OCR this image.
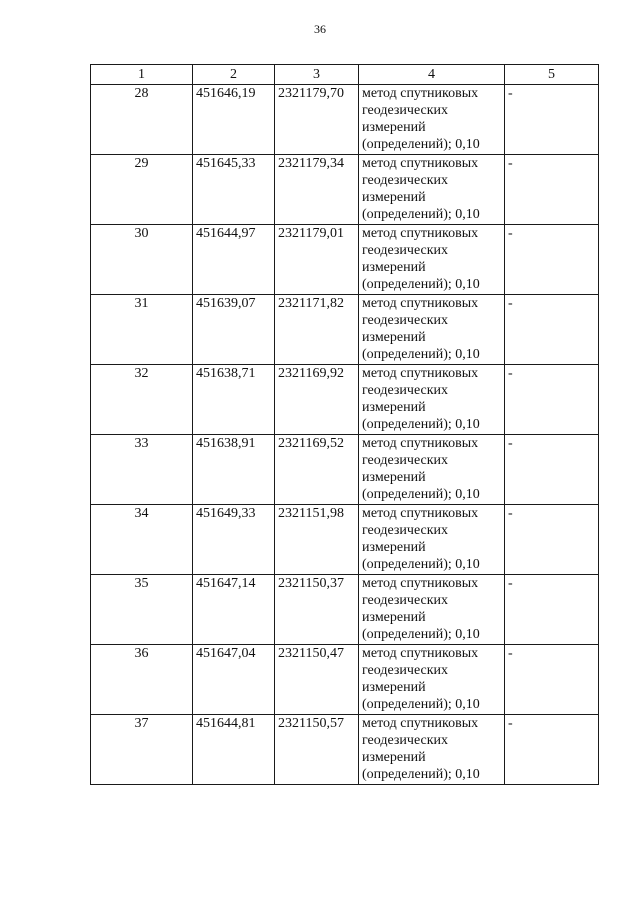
36
1	2	3	4	5
28	451646,19	2321179,70	метод спутниковых
геодезических
измерений
(определений); 0,10	-
29	451645,33	2321179,34	метод спутниковых
геодезических
измерений
(определений); 0,10	-
30	451644,97	2321179,01	метод спутниковых
геодезических
измерений
(определений); 0,10	-
31	451639,07	2321171,82	метод спутниковых
геодезических
измерений
(определений); 0,10	-
32	451638,71	2321169,92	метод спутниковых
геодезических
измерений
(определений); 0,10	-
33	451638,91	2321169,52	метод спутниковых
геодезических
измерений
(определений); 0,10	-
34	451649,33	2321151,98	метод спутниковых
геодезических
измерений
(определений); 0,10	-
35	451647,14	2321150,37	метод спутниковых
геодезических
измерений
(определений); 0,10	-
36	451647,04	2321150,47	метод спутниковых
геодезических
измерений
(определений); 0,10	-
37	451644,81	2321150,57	метод спутниковых
геодезических
измерений
(определений); 0,10	-
